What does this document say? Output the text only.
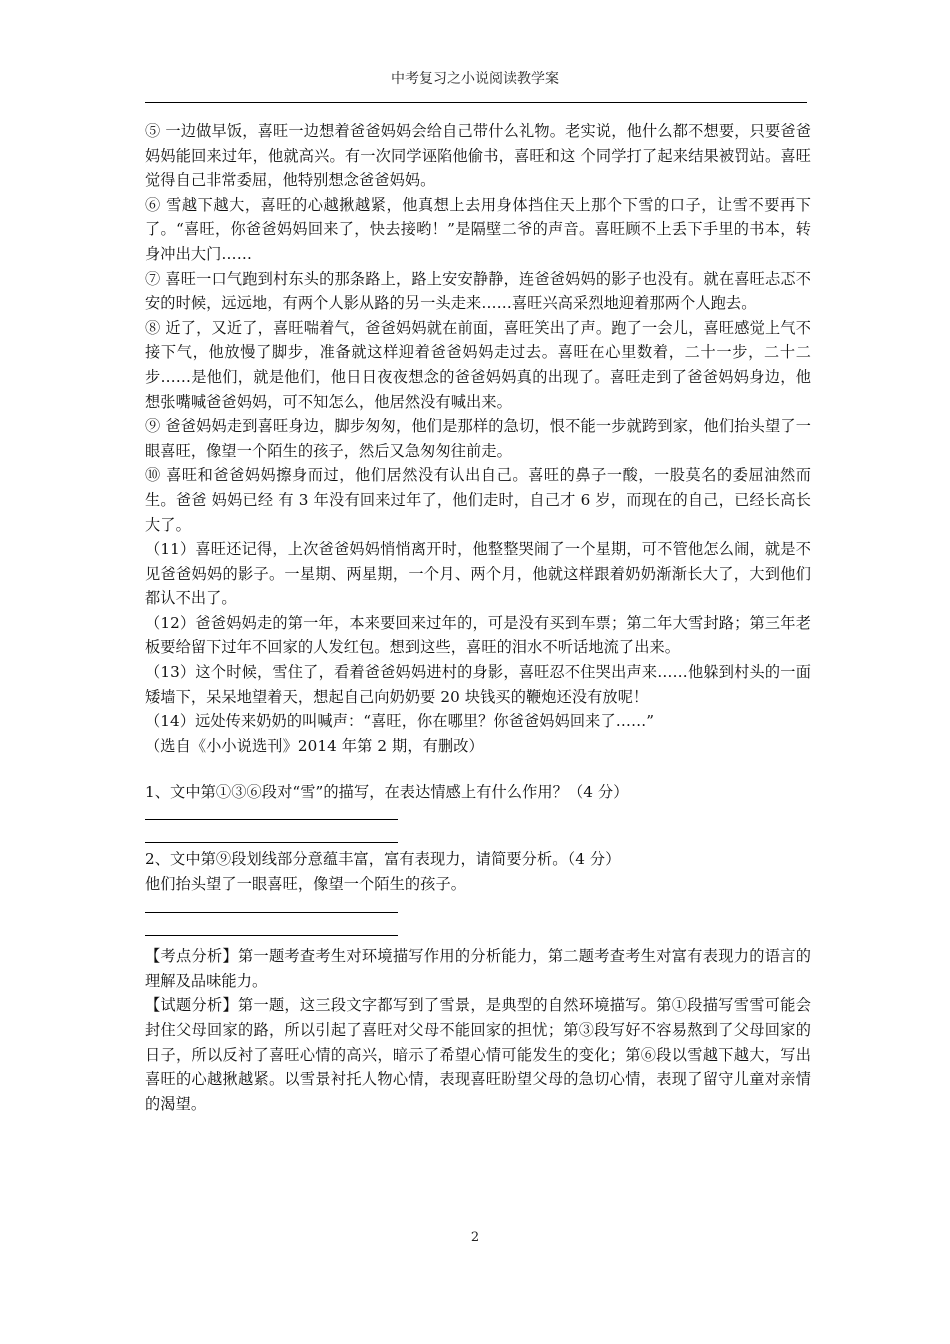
中考复习之小说阅读教学案

⑤ 一边做早饭，喜旺一边想着爸爸妈妈会给自己带什么礼物。老实说，他什么都不想要，只要爸爸妈妈能回来过年，他就高兴。有一次同学诬陷他偷书，喜旺和这 个同学打了起来结果被罚站。喜旺觉得自己非常委屈，他特别想念爸爸妈妈。

⑥ 雪越下越大，喜旺的心越揪越紧，他真想上去用身体挡住天上那个下雪的口子，让雪不要再下了。“喜旺，你爸爸妈妈回来了，快去接哟！”是隔壁二爷的声音。喜旺顾不上丢下手里的书本，转身冲出大门……

⑦ 喜旺一口气跑到村东头的那条路上，路上安安静静，连爸爸妈妈的影子也没有。就在喜旺忐忑不安的时候，远远地，有两个人影从路的另一头走来……喜旺兴高采烈地迎着那两个人跑去。

⑧ 近了，又近了，喜旺喘着气，爸爸妈妈就在前面，喜旺笑出了声。跑了一会儿，喜旺感觉上气不接下气，他放慢了脚步，准备就这样迎着爸爸妈妈走过去。喜旺在心里数着，二十一步，二十二步……是他们，就是他们，他日日夜夜想念的爸爸妈妈真的出现了。喜旺走到了爸爸妈妈身边，他想张嘴喊爸爸妈妈，可不知怎么，他居然没有喊出来。

⑨ 爸爸妈妈走到喜旺身边，脚步匆匆，他们是那样的急切，恨不能一步就跨到家，他们抬头望了一眼喜旺，像望一个陌生的孩子，然后又急匆匆往前走。

⑩ 喜旺和爸爸妈妈擦身而过，他们居然没有认出自己。喜旺的鼻子一酸，一股莫名的委屈油然而生。爸爸 妈妈已经 有 3 年没有回来过年了，他们走时，自己才 6 岁，而现在的自己，已经长高长大了。

（11）喜旺还记得，上次爸爸妈妈悄悄离开时，他整整哭闹了一个星期，可不管他怎么闹，就是不见爸爸妈妈的影子。一星期、两星期，一个月、两个月，他就这样跟着奶奶渐渐长大了，大到他们都认不出了。

（12）爸爸妈妈走的第一年，本来要回来过年的，可是没有买到车票；第二年大雪封路；第三年老板要给留下过年不回家的人发红包。想到这些，喜旺的泪水不听话地流了出来。

（13）这个时候，雪住了，看着爸爸妈妈进村的身影，喜旺忍不住哭出声来……他躲到村头的一面矮墙下，呆呆地望着天，想起自己向奶奶要 20 块钱买的鞭炮还没有放呢！

（14）远处传来奶奶的叫喊声：“喜旺，你在哪里？你爸爸妈妈回来了……”

（选自《小小说选刊》2014 年第 2 期，有删改）

1、文中第①③⑥段对“雪”的描写，在表达情感上有什么作用？（4 分）

2、文中第⑨段划线部分意蕴丰富，富有表现力，请简要分析。（4 分）

他们抬头望了一眼喜旺，像望一个陌生的孩子。

【考点分析】第一题考查考生对环境描写作用的分析能力，第二题考查考生对富有表现力的语言的理解及品味能力。

【试题分析】第一题，这三段文字都写到了雪景，是典型的自然环境描写。第①段描写雪雪可能会封住父母回家的路，所以引起了喜旺对父母不能回家的担忧；第③段写好不容易熬到了父母回家的日子，所以反衬了喜旺心情的高兴，暗示了希望心情可能发生的变化；第⑥段以雪越下越大，写出喜旺的心越揪越紧。以雪景衬托人物心情，表现喜旺盼望父母的急切心情，表现了留守儿童对亲情的渴望。

2
